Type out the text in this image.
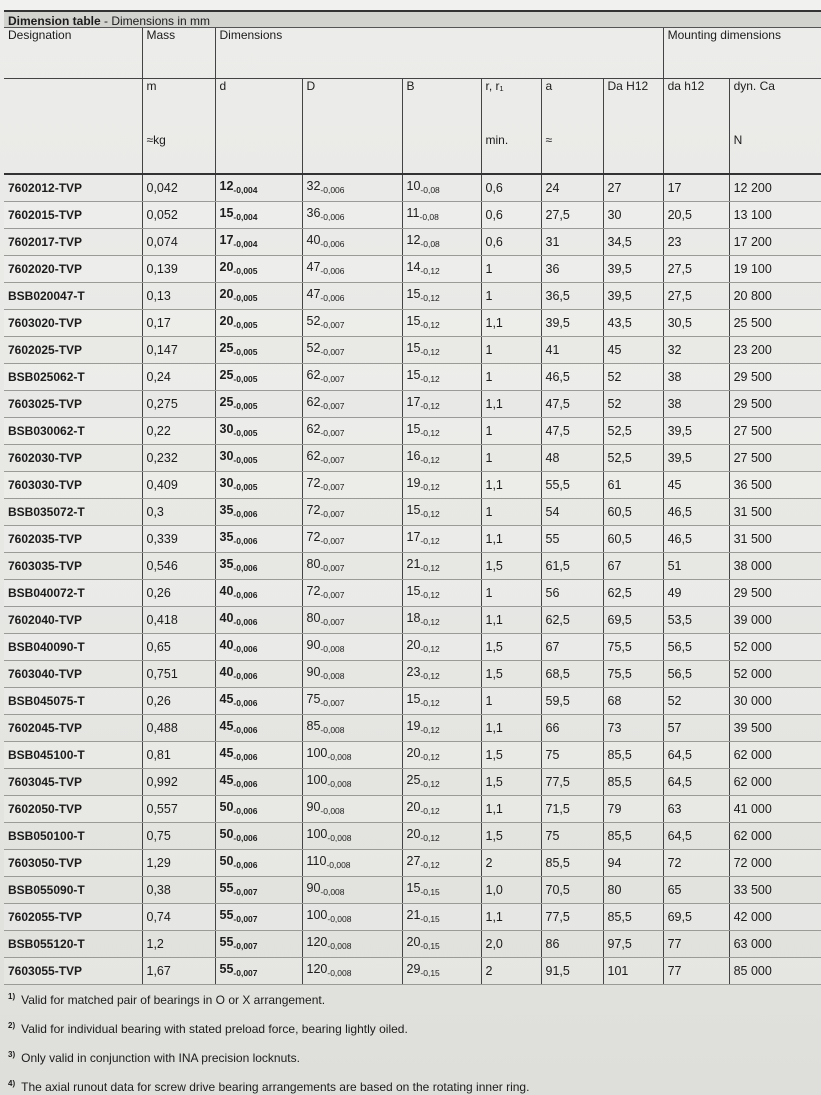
Dimension table - Dimensions in mm
Designation	Mass	Dimensions						Mounting dimensions	
	m	d	D	B	r, r₁	a	Da H12	da h12	dyn. Ca	
	≈kg				min.	≈			N	
7602012-TVP	0,042	$12_{-0,004}$	$32_{-0,006}$	$10_{-0,08}$	0,6	24	27	17	12 200	
7602015-TVP	0,052	$15_{-0,004}$	$36_{-0,006}$	$11_{-0,08}$	0,6	27,5	30	20,5	13 100	
7602017-TVP	0,074	$17_{-0,004}$	$40_{-0,006}$	$12_{-0,08}$	0,6	31	34,5	23	17 200	
7602020-TVP	0,139	$20_{-0,005}$	$47_{-0,006}$	$14_{-0,12}$	1	36	39,5	27,5	19 100	
BSB020047-T	0,13	$20_{-0,005}$	$47_{-0,006}$	$15_{-0,12}$	1	36,5	39,5	27,5	20 800	
7603020-TVP	0,17	$20_{-0,005}$	$52_{-0,007}$	$15_{-0,12}$	1,1	39,5	43,5	30,5	25 500	
7602025-TVP	0,147	$25_{-0,005}$	$52_{-0,007}$	$15_{-0,12}$	1	41	45	32	23 200	
BSB025062-T	0,24	$25_{-0,005}$	$62_{-0,007}$	$15_{-0,12}$	1	46,5	52	38	29 500	
7603025-TVP	0,275	$25_{-0,005}$	$62_{-0,007}$	$17_{-0,12}$	1,1	47,5	52	38	29 500	
BSB030062-T	0,22	$30_{-0,005}$	$62_{-0,007}$	$15_{-0,12}$	1	47,5	52,5	39,5	27 500	
7602030-TVP	0,232	$30_{-0,005}$	$62_{-0,007}$	$16_{-0,12}$	1	48	52,5	39,5	27 500	
7603030-TVP	0,409	$30_{-0,005}$	$72_{-0,007}$	$19_{-0,12}$	1,1	55,5	61	45	36 500	
BSB035072-T	0,3	$35_{-0,006}$	$72_{-0,007}$	$15_{-0,12}$	1	54	60,5	46,5	31 500	
7602035-TVP	0,339	$35_{-0,006}$	$72_{-0,007}$	$17_{-0,12}$	1,1	55	60,5	46,5	31 500	
7603035-TVP	0,546	$35_{-0,006}$	$80_{-0,007}$	$21_{-0,12}$	1,5	61,5	67	51	38 000	
BSB040072-T	0,26	$40_{-0,006}$	$72_{-0,007}$	$15_{-0,12}$	1	56	62,5	49	29 500	
7602040-TVP	0,418	$40_{-0,006}$	$80_{-0,007}$	$18_{-0,12}$	1,1	62,5	69,5	53,5	39 000	
BSB040090-T	0,65	$40_{-0,006}$	$90_{-0,008}$	$20_{-0,12}$	1,5	67	75,5	56,5	52 000	
7603040-TVP	0,751	$40_{-0,006}$	$90_{-0,008}$	$23_{-0,12}$	1,5	68,5	75,5	56,5	52 000	
BSB045075-T	0,26	$45_{-0,006}$	$75_{-0,007}$	$15_{-0,12}$	1	59,5	68	52	30 000	
7602045-TVP	0,488	$45_{-0,006}$	$85_{-0,008}$	$19_{-0,12}$	1,1	66	73	57	39 500	
BSB045100-T	0,81	$45_{-0,006}$	$100_{-0,008}$	$20_{-0,12}$	1,5	75	85,5	64,5	62 000	
7603045-TVP	0,992	$45_{-0,006}$	$100_{-0,008}$	$25_{-0,12}$	1,5	77,5	85,5	64,5	62 000	
7602050-TVP	0,557	$50_{-0,006}$	$90_{-0,008}$	$20_{-0,12}$	1,1	71,5	79	63	41 000	
BSB050100-T	0,75	$50_{-0,006}$	$100_{-0,008}$	$20_{-0,12}$	1,5	75	85,5	64,5	62 000	
7603050-TVP	1,29	$50_{-0,006}$	$110_{-0,008}$	$27_{-0,12}$	2	85,5	94	72	72 000	
BSB055090-T	0,38	$55_{-0,007}$	$90_{-0,008}$	$15_{-0,15}$	1,0	70,5	80	65	33 500	
7602055-TVP	0,74	$55_{-0,007}$	$100_{-0,008}$	$21_{-0,15}$	1,1	77,5	85,5	69,5	42 000	
BSB055120-T	1,2	$55_{-0,007}$	$120_{-0,008}$	$20_{-0,15}$	2,0	86	97,5	77	63 000	
7603055-TVP	1,67	$55_{-0,007}$	$120_{-0,008}$	$29_{-0,15}$	2	91,5	101	77	85 000	
$^{1)}$ Valid for matched pair of bearings in O or X arrangement.
$^{2)}$ Valid for individual bearing with stated preload force, bearing lightly oiled.
$^{3)}$ Only valid in conjunction with INA precision locknuts.
$^{4)}$ The axial runout data for screw drive bearing arrangements are based on the rotating inner ring.
